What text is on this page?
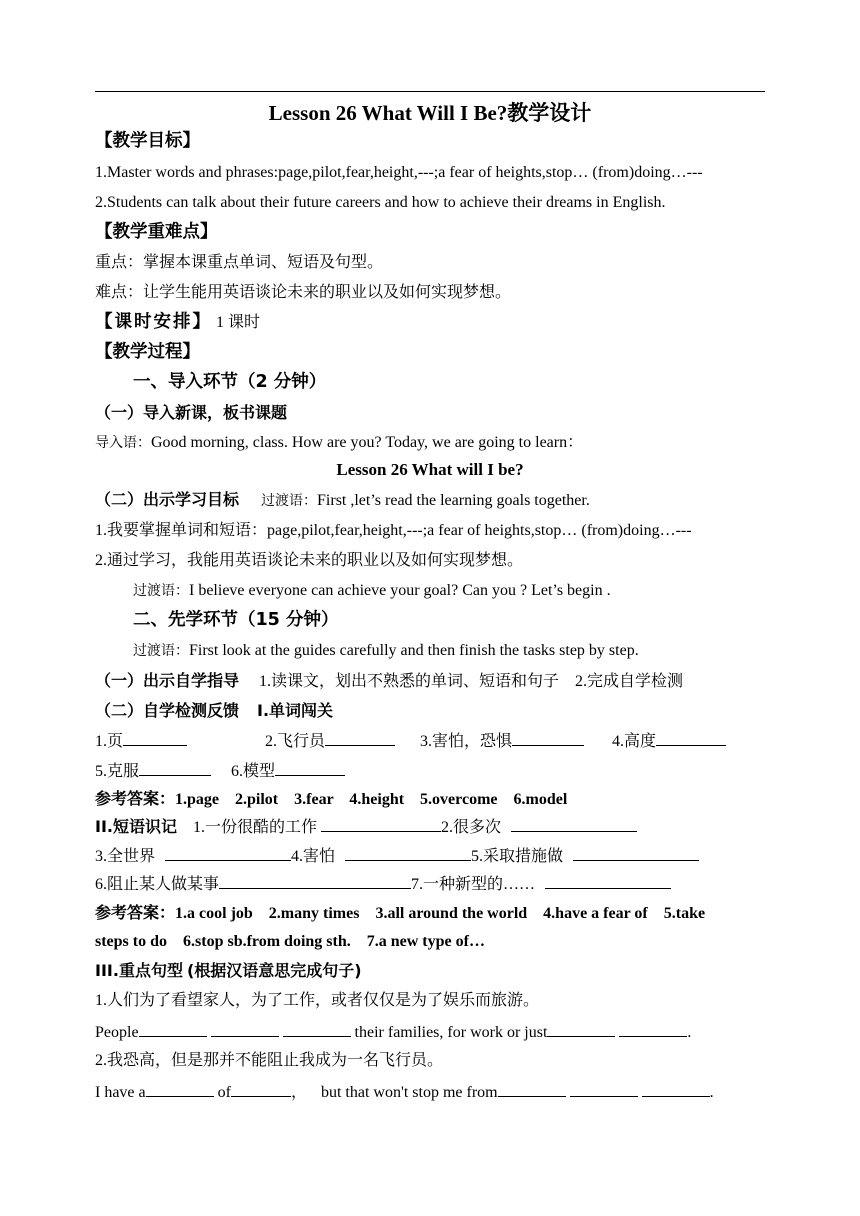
Lesson 26 What Will I Be?教学设计
【教学目标】
1.Master words and phrases:page,pilot,fear,height,---;a fear of heights,stop… (from)doing…---
2.Students can talk about their future careers and how to achieve their dreams in English.
【教学重难点】
重点：掌握本课重点单词、短语及句型。
难点：让学生能用英语谈论未来的职业以及如何实现梦想。
【课时安排】 1 课时
【教学过程】
一、导入环节（2 分钟）
（一）导入新课，板书课题
导入语：Good morning, class. How are you? Today, we are going to learn：
Lesson 26 What will I be?
（二）出示学习目标 过渡语：First ,let’s read the learning goals together.
1.我要掌握单词和短语：page,pilot,fear,height,---;a fear of heights,stop… (from)doing…---
2.通过学习，我能用英语谈论未来的职业以及如何实现梦想。
过渡语：I believe everyone can achieve your goal? Can you ? Let’s begin .
二、先学环节（15 分钟）
过渡语：First look at the guides carefully and then finish the tasks step by step.
（一）出示自学指导 1.读课文，划出不熟悉的单词、短语和句子　2.完成自学检测
（二）自学检测反馈 I.单词闯关
1.页	2.飞行员	3.害怕，恐惧	4.高度
5.克服	6.模型
参考答案：1.page　2.pilot　3.fear　4.height　5.overcome　6.model
II.短语识记 1.一份很酷的工作	2.很多次
3.全世界	4.害怕	5.采取措施做
6.阻止某人做某事	7.一种新型的……
参考答案：1.a cool job　2.many times　3.all around the world　4.have a fear of　5.take
steps to do　6.stop sb.from doing sth.　7.a new type of…
III.重点句型 (根据汉语意思完成句子)
1.人们为了看望家人，为了工作，或者仅仅是为了娱乐而旅游。
People	their families, for work or just	.
2.我恐高，但是那并不能阻止我成为一名飞行员。
I have a	of	， but that won't stop me from	.
